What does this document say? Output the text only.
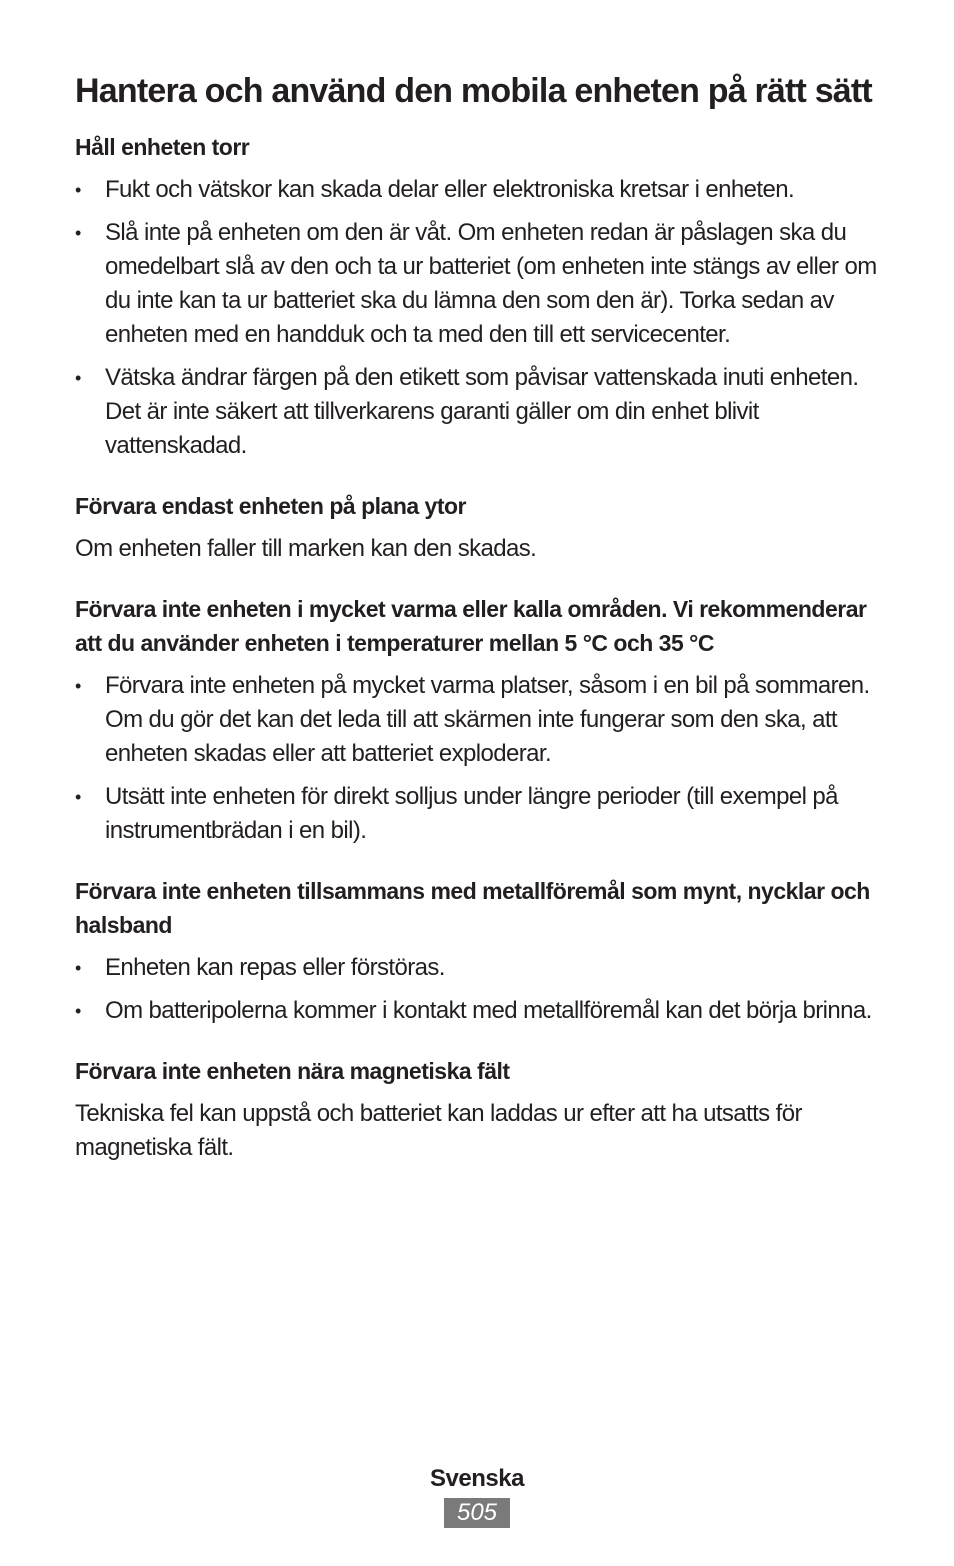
Hantera och använd den mobila enheten på rätt sätt
Håll enheten torr
• Fukt och vätskor kan skada delar eller elektroniska kretsar i enheten.
• Slå inte på enheten om den är våt. Om enheten redan är påslagen ska du omedelbart slå av den och ta ur batteriet (om enheten inte stängs av eller om du inte kan ta ur batteriet ska du lämna den som den är). Torka sedan av enheten med en handduk och ta med den till ett servicecenter.
• Vätska ändrar färgen på den etikett som påvisar vattenskada inuti enheten. Det är inte säkert att tillverkarens garanti gäller om din enhet blivit vattenskadad.
Förvara endast enheten på plana ytor

Om enheten faller till marken kan den skadas.

Förvara inte enheten i mycket varma eller kalla områden. Vi rekommenderar att du använder enheten i temperaturer mellan 5 °C och 35 °C
• Förvara inte enheten på mycket varma platser, såsom i en bil på sommaren. Om du gör det kan det leda till att skärmen inte fungerar som den ska, att enheten skadas eller att batteriet exploderar.
• Utsätt inte enheten för direkt solljus under längre perioder (till exempel på instrumentbrädan i en bil).
Förvara inte enheten tillsammans med metallföremål som mynt, nycklar och halsband
• Enheten kan repas eller förstöras.
• Om batteripolerna kommer i kontakt med metallföremål kan det börja brinna.
Förvara inte enheten nära magnetiska fält

Tekniska fel kan uppstå och batteriet kan laddas ur efter att ha utsatts för magnetiska fält.

Svenska
505
